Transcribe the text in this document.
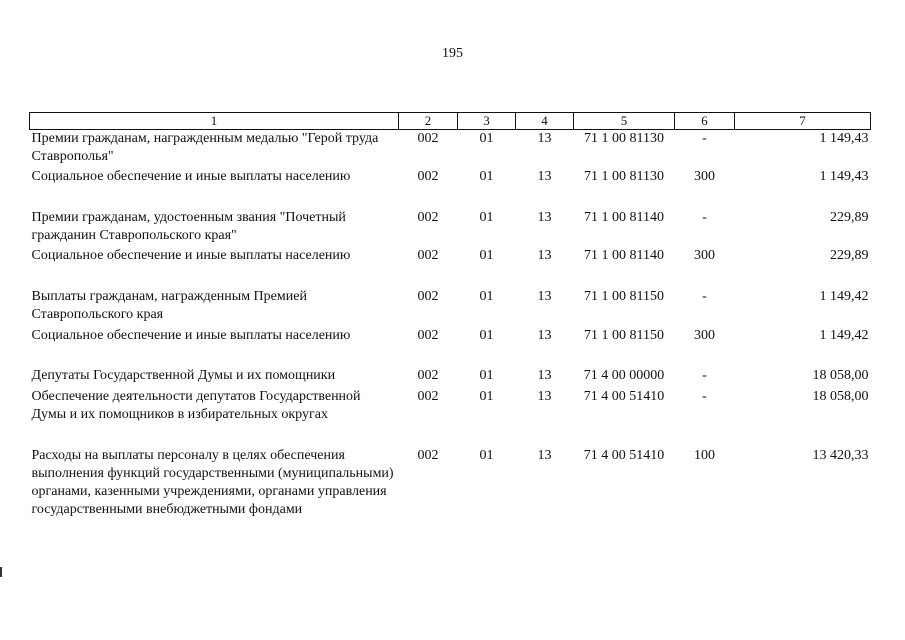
195
1	2	3	4	5	6	7
Премии гражданам, награжденным медалью "Герой труда Ставрополья"	002	01	13	71 1 00 81130	-	1 149,43
Социальное обеспечение и иные выплаты населению	002	01	13	71 1 00 81130	300	1 149,43
Премии гражданам, удостоенным звания "Почетный гражданин Ставропольского края"	002	01	13	71 1 00 81140	-	229,89
Социальное обеспечение и иные выплаты населению	002	01	13	71 1 00 81140	300	229,89
Выплаты гражданам, награжденным Премией Ставропольского края	002	01	13	71 1 00 81150	-	1 149,42
Социальное обеспечение и иные выплаты населению	002	01	13	71 1 00 81150	300	1 149,42
Депутаты Государственной Думы и их помощники	002	01	13	71 4 00 00000	-	18 058,00
Обеспечение деятельности депутатов Государственной Думы и их помощников в избирательных округах	002	01	13	71 4 00 51410	-	18 058,00
Расходы на выплаты персоналу в целях обеспечения выполнения функций государственными (муниципальными) органами, казенными учреждениями, органами управления государственными внебюджетными фондами	002	01	13	71 4 00 51410	100	13 420,33
